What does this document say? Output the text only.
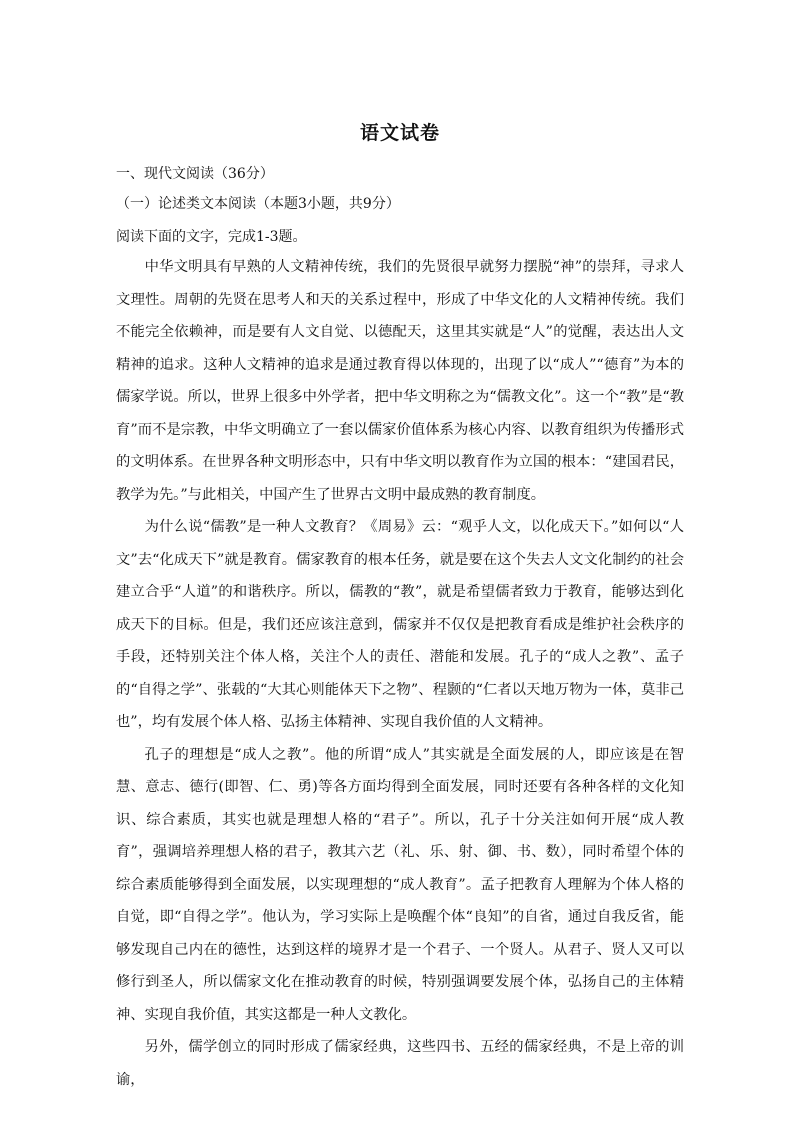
语文试卷
一、现代文阅读（36分）
（一）论述类文本阅读（本题3小题，共9分）
阅读下面的文字，完成1-3题。

中华文明具有早熟的人文精神传统，我们的先贤很早就努力摆脱“神”的崇拜，寻求人文理性。周朝的先贤在思考人和天的关系过程中，形成了中华文化的人文精神传统。我们不能完全依赖神，而是要有人文自觉、以德配天，这里其实就是“人”的觉醒，表达出人文精神的追求。这种人文精神的追求是通过教育得以体现的，出现了以“成人”“德育”为本的儒家学说。所以，世界上很多中外学者，把中华文明称之为“儒教文化”。这一个“教”是“教育”而不是宗教，中华文明确立了一套以儒家价值体系为核心内容、以教育组织为传播形式的文明体系。在世界各种文明形态中，只有中华文明以教育作为立国的根本：“建国君民，教学为先。”与此相关，中国产生了世界古文明中最成熟的教育制度。

为什么说“儒教”是一种人文教育？《周易》云：“观乎人文，以化成天下。”如何以“人文”去“化成天下”就是教育。儒家教育的根本任务，就是要在这个失去人文文化制约的社会建立合乎“人道”的和谐秩序。所以，儒教的“教”，就是希望儒者致力于教育，能够达到化成天下的目标。但是，我们还应该注意到，儒家并不仅仅是把教育看成是维护社会秩序的手段，还特别关注个体人格，关注个人的责任、潜能和发展。孔子的“成人之教”、孟子的“自得之学”、张载的“大其心则能体天下之物”、程颢的“仁者以天地万物为一体，莫非己也”，均有发展个体人格、弘扬主体精神、实现自我价值的人文精神。

孔子的理想是“成人之教”。他的所谓“成人”其实就是全面发展的人，即应该是在智慧、意志、德行(即智、仁、勇)等各方面均得到全面发展，同时还要有各种各样的文化知识、综合素质，其实也就是理想人格的“君子”。所以，孔子十分关注如何开展“成人教育”，强调培养理想人格的君子，教其六艺（礼、乐、射、御、书、数），同时希望个体的综合素质能够得到全面发展，以实现理想的“成人教育”。孟子把教育人理解为个体人格的自觉，即“自得之学”。他认为，学习实际上是唤醒个体“良知”的自省，通过自我反省，能够发现自己内在的德性，达到这样的境界才是一个君子、一个贤人。从君子、贤人又可以修行到圣人，所以儒家文化在推动教育的时候，特别强调要发展个体，弘扬自己的主体精神、实现自我价值，其实这都是一种人文教化。

另外，儒学创立的同时形成了儒家经典，这些四书、五经的儒家经典，不是上帝的训谕，
